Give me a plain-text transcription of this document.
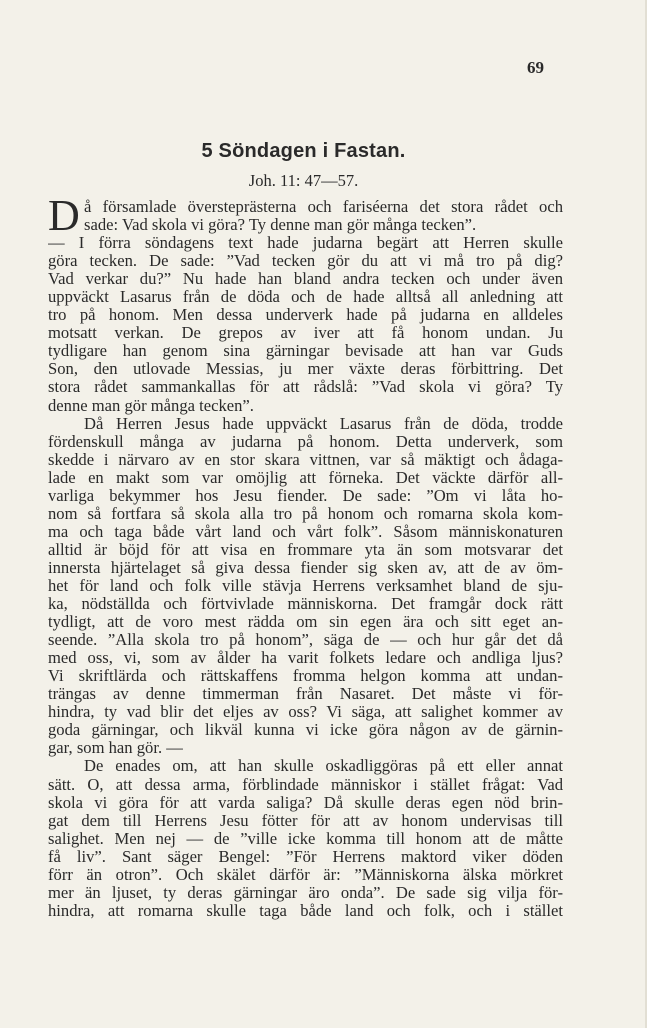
69
5 Söndagen i Fastan.
Joh. 11: 47—57.
D å församlade översteprästerna och fariséerna det stora rådet och
sade: Vad skola vi göra? Ty denne man gör många tecken”.
— I förra söndagens text hade judarna begärt att Herren skulle
göra tecken. De sade: ”Vad tecken gör du att vi må tro på dig?
Vad verkar du?” Nu hade han bland andra tecken och under även
uppväckt Lasarus från de döda och de hade alltså all anledning att
tro på honom. Men dessa underverk hade på judarna en alldeles
motsatt verkan. De grepos av iver att få honom undan. Ju
tydligare han genom sina gärningar bevisade att han var Guds
Son, den utlovade Messias, ju mer växte deras förbittring. Det
stora rådet sammankallas för att rådslå: ”Vad skola vi göra? Ty
denne man gör många tecken”.
Då Herren Jesus hade uppväckt Lasarus från de döda, trodde
fördenskull många av judarna på honom. Detta underverk, som
skedde i närvaro av en stor skara vittnen, var så mäktigt och ådaga-
lade en makt som var omöjlig att förneka. Det väckte därför all-
varliga bekymmer hos Jesu fiender. De sade: ”Om vi låta ho-
nom så fortfara så skola alla tro på honom och romarna skola kom-
ma och taga både vårt land och vårt folk”. Såsom människonaturen
alltid är böjd för att visa en frommare yta än som motsvarar det
innersta hjärtelaget så giva dessa fiender sig sken av, att de av öm-
het för land och folk ville stävja Herrens verksamhet bland de sju-
ka, nödställda och förtvivlade människorna. Det framgår dock rätt
tydligt, att de voro mest rädda om sin egen ära och sitt eget an-
seende. ”Alla skola tro på honom”, säga de — och hur går det då
med oss, vi, som av ålder ha varit folkets ledare och andliga ljus?
Vi skriftlärda och rättskaffens fromma helgon komma att undan-
trängas av denne timmerman från Nasaret. Det måste vi för-
hindra, ty vad blir det eljes av oss? Vi säga, att salighet kommer av
goda gärningar, och likväl kunna vi icke göra någon av de gärnin-
gar, som han gör. —
De enades om, att han skulle oskadliggöras på ett eller annat
sätt. O, att dessa arma, förblindade människor i stället frågat: Vad
skola vi göra för att varda saliga? Då skulle deras egen nöd brin-
gat dem till Herrens Jesu fötter för att av honom undervisas till
salighet. Men nej — de ”ville icke komma till honom att de måtte
få liv”. Sant säger Bengel: ”För Herrens maktord viker döden
förr än otron”. Och skälet därför är: ”Människorna älska mörkret
mer än ljuset, ty deras gärningar äro onda”. De sade sig vilja för-
hindra, att romarna skulle taga både land och folk, och i stället
